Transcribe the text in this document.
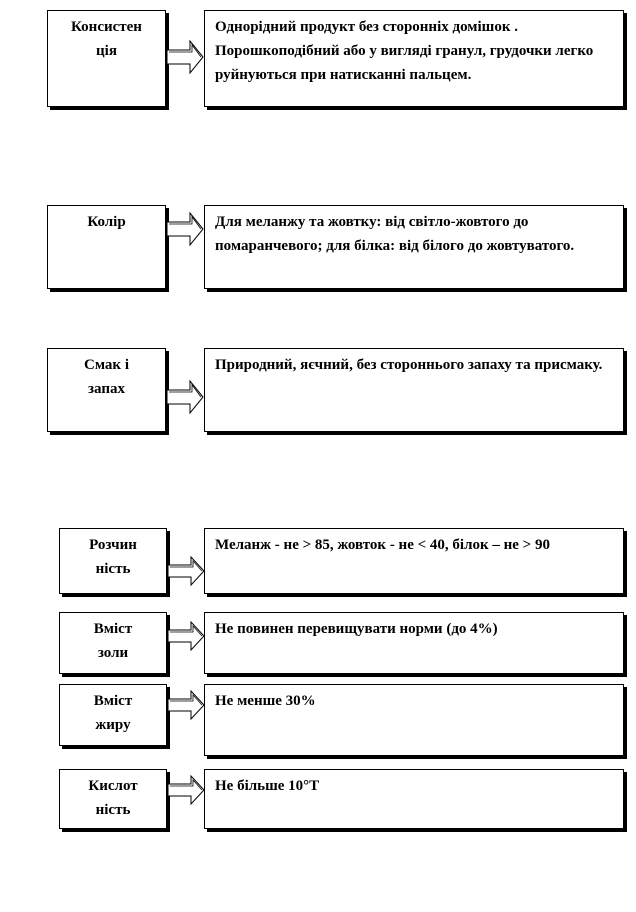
Консистен
ція
Однорідний продукт без сторонніх домішок . Порошкоподібний або у вигляді гранул, грудочки легко руйнуються при натисканні пальцем.
Колір	Для меланжу та жовтку: від світло-жовтого до помаранчевого; для білка: від білого до жовтуватого.
Смак і
запах
Природний, яєчний, без стороннього запаху та присмаку.
Розчин
ність
Меланж - не > 85, жовток - не < 40, білок – не > 90
Вміст
золи
Не повинен перевищувати норми (до 4%)
Вміст
жиру
Не менше 30%
Кислот
ність
Не більше 10°Т
